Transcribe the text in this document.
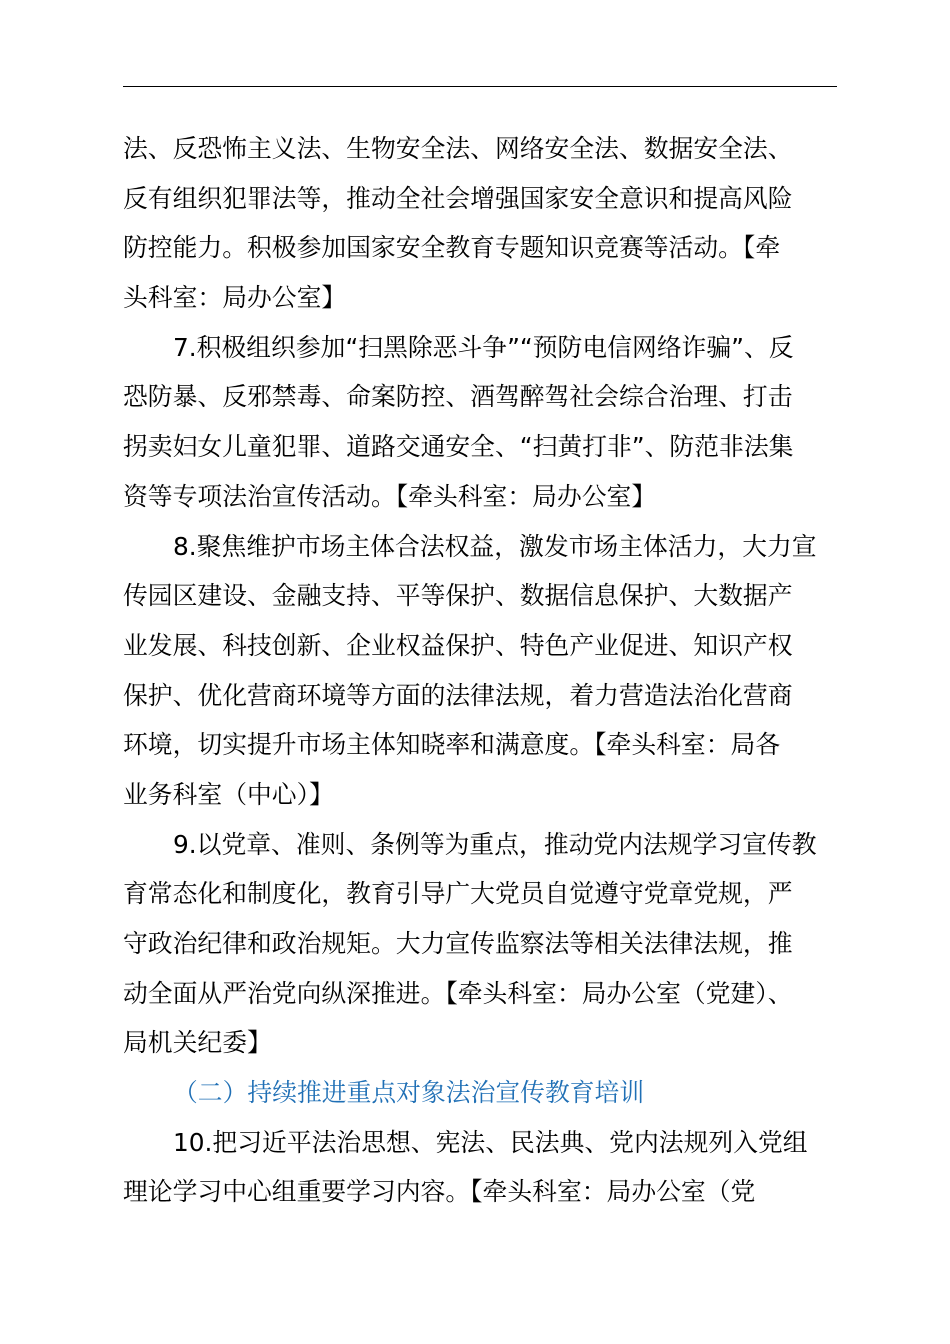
法、反恐怖主义法、生物安全法、网络安全法、数据安全法、
反有组织犯罪法等，推动全社会增强国家安全意识和提高风险
防控能力。积极参加国家安全教育专题知识竞赛等活动。【牵
头科室：局办公室】
7.积极组织参加“扫黑除恶斗争”“预防电信网络诈骗”、反
恐防暴、反邪禁毒、命案防控、酒驾醉驾社会综合治理、打击
拐卖妇女儿童犯罪、道路交通安全、“扫黄打非”、防范非法集
资等专项法治宣传活动。【牵头科室：局办公室】
8.聚焦维护市场主体合法权益，激发市场主体活力，大力宣
传园区建设、金融支持、平等保护、数据信息保护、大数据产
业发展、科技创新、企业权益保护、特色产业促进、知识产权
保护、优化营商环境等方面的法律法规，着力营造法治化营商
环境，切实提升市场主体知晓率和满意度。【牵头科室：局各
业务科室（中心）】
9.以党章、准则、条例等为重点，推动党内法规学习宣传教
育常态化和制度化，教育引导广大党员自觉遵守党章党规，严
守政治纪律和政治规矩。大力宣传监察法等相关法律法规，推
动全面从严治党向纵深推进。【牵头科室：局办公室（党建）、
局机关纪委】
（二）持续推进重点对象法治宣传教育培训
10.把习近平法治思想、宪法、民法典、党内法规列入党组
理论学习中心组重要学习内容。【牵头科室：局办公室（党
